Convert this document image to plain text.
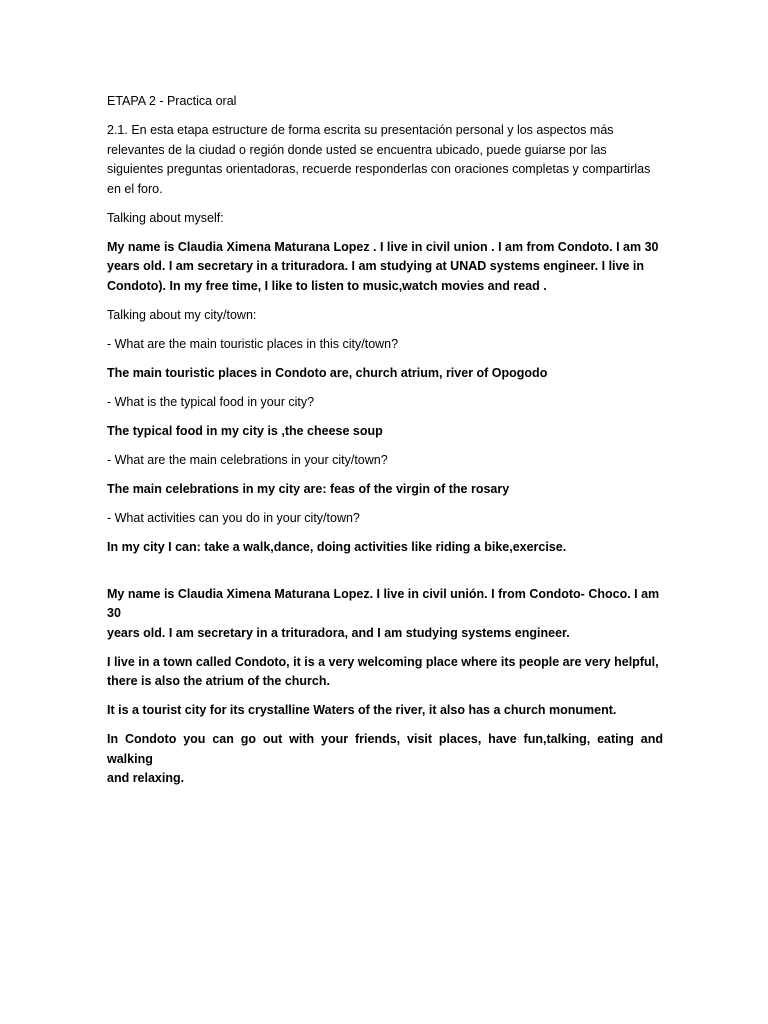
ETAPA 2 - Practica oral

2.1. En esta etapa estructure de forma escrita su presentación personal y los aspectos más
relevantes de la ciudad o región donde usted se encuentra ubicado, puede guiarse por las
siguientes preguntas orientadoras, recuerde responderlas con oraciones completas y compartirlas
en el foro.

Talking about myself:

My name is Claudia Ximena Maturana Lopez . I live in civil union . I am from Condoto. I am 30
years old. I am secretary in a trituradora. I am studying at UNAD systems engineer. I live in
Condoto). In my free time, I like to listen to music,watch movies and read .

Talking about my city/town:

- What are the main touristic places in this city/town?

The main touristic places in Condoto are, church atrium, river of Opogodo

- What is the typical food in your city?

The typical food in my city is ,the cheese soup

- What are the main celebrations in your city/town?

The main celebrations in my city are: feas of the virgin of the rosary

- What activities can you do in your city/town?

In my city I can: take a walk,dance, doing activities like riding a bike,exercise.

My name is Claudia Ximena Maturana Lopez. I live in civil unión. I from Condoto- Choco. I am 30
years old. I am secretary in a trituradora, and I am studying systems engineer.

I live in a town called Condoto, it is a very welcoming place where its people are very helpful,
there is also the atrium of the church.

It is a tourist city for its crystalline Waters of the river, it also has a church monument.

In Condoto you can go out with your friends, visit places, have fun,talking, eating and walking
and relaxing.
